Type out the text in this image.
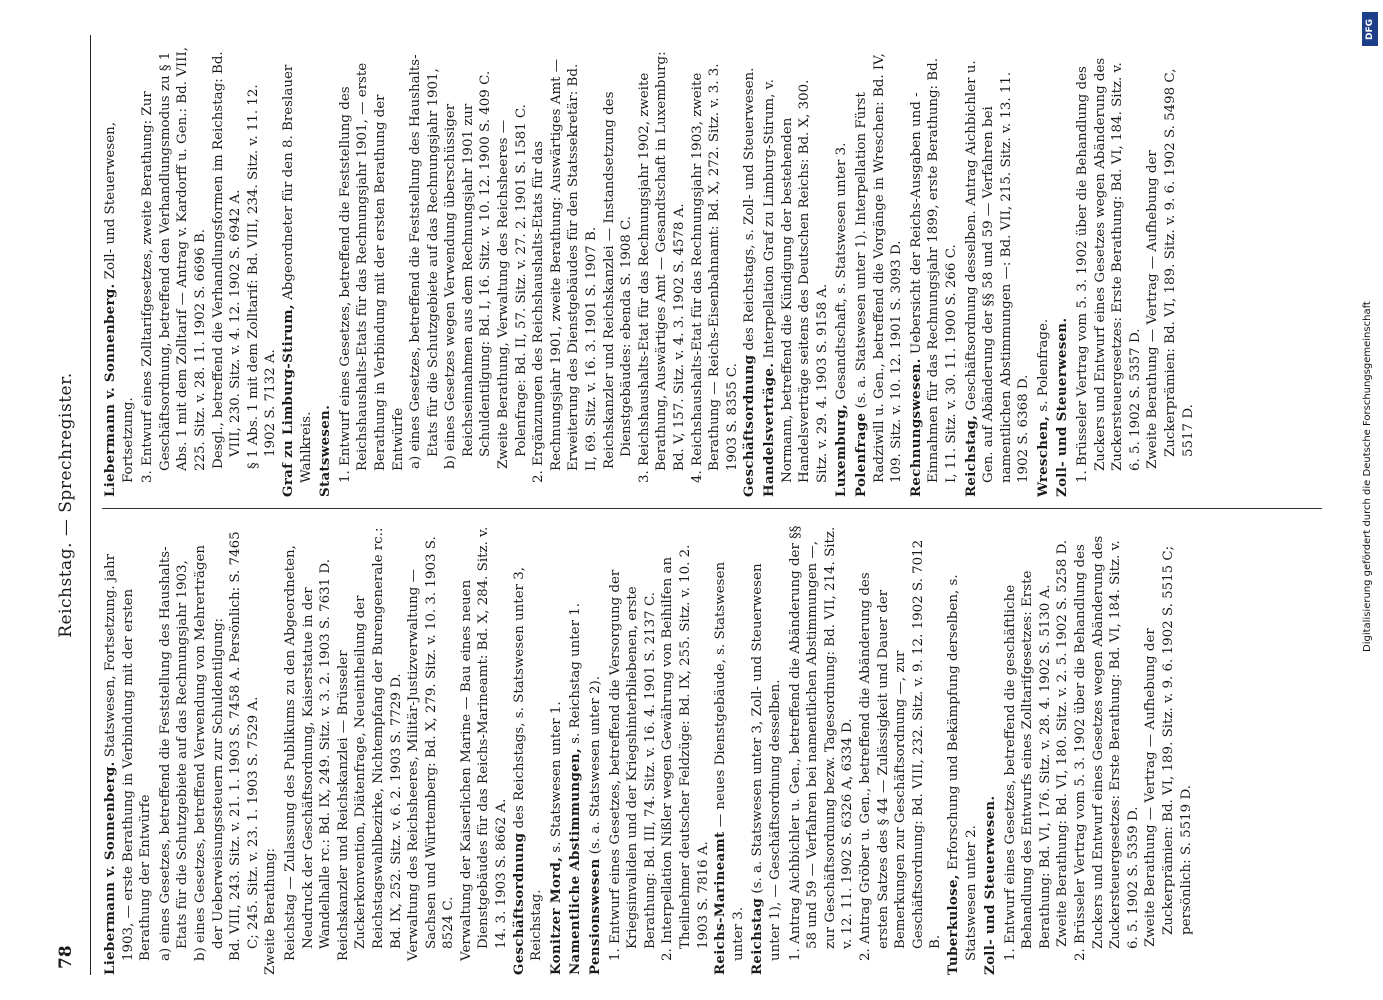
78
Reichstag. — Sprechregister.

Liebermann v. Sonnenberg. Statswesen, Fortsetzung. jahr 1903, — erste Berathung in Verbindung mit der ersten Berathung der Entwürfe a) eines Gesetzes, betreffend die Feststellung des Haushalts-Etats für die Schutzgebiete auf das Rechnungsjahr 1903, b) eines Gesetzes, betreffend Verwendung von Mehrerträgen der Ueberweisungssteuern zur Schuldentilgung: Bd. VIII, 243. Sitz. v. 21. 1. 1903 S. 7458 A. Persönlich: S. 7465 C; 245. Sitz. v. 23. 1. 1903 S. 7529 A. Zweite Berathung: Reichstag — Zulassung des Publikums zu den Abgeordneten, Neudruck der Geschäftsordnung, Kaiserstatue in der Wandelhalle rc.: Bd. IX, 249. Sitz. v. 3. 2. 1903 S. 7631 D. Reichskanzler und Reichskanzlei — Brüsseler Zuckerkonvention, Diätenfrage, Neueintheilung der Reichstagswahlbezirke, Nichtempfang der Burengenerale rc.: Bd. IX, 252. Sitz. v. 6. 2. 1903 S. 7729 D. Verwaltung des Reichsheeres, Militär-Justizverwaltung — Sachsen und Württemberg: Bd. X, 279. Sitz. v. 10. 3. 1903 S. 8524 C. Verwaltung der Kaiserlichen Marine — Bau eines neuen Dienstgebäudes für das Reichs-Marineamt: Bd. X, 284. Sitz. v. 14. 3. 1903 S. 8662 A. Geschäftsordnung des Reichstags, s. Statswesen unter 3, Reichstag. Konitzer Mord, s. Statswesen unter 1. Namentliche Abstimmungen, s. Reichstag unter 1.

Pensionswesen (s. a. Statswesen unter 2). 1. Entwurf eines Gesetzes, betreffend die Versorgung der Kriegsinvaliden und der Kriegshinterbliebenen, erste Berathung: Bd. III, 74. Sitz. v. 16. 4. 1901 S. 2137 C. 2. Interpellation Nißler wegen Gewährung von Beihilfen an Theilnehmer deutscher Feldzüge: Bd. IX, 255. Sitz. v. 10. 2. 1903 S. 7816 A. Reichs-Marineamt — neues Dienstgebäude, s. Statswesen unter 3. Reichstag (s. a. Statswesen unter 3, Zoll- und Steuerwesen unter 1), — Geschäftsordnung desselben. 1. Antrag Aichbichler u. Gen., betreffend die Abänderung der §§ 58 und 59 — Verfahren bei namentlichen Abstimmungen —, zur Geschäftsordnung bezw. Tagesordnung: Bd. VII, 214. Sitz. v. 12. 11. 1902 S. 6326 A, 6334 D. 2. Antrag Gröber u. Gen., betreffend die Abänderung des ersten Satzes des § 44 — Zulässigkeit und Dauer der Bemerkungen zur Geschäftsordnung —, zur Geschäftsordnung: Bd. VIII, 232. Sitz. v. 9. 12. 1902 S. 7012 B. Tuberkulose, Erforschung und Bekämpfung derselben, s. Statswesen unter 2. Zoll- und Steuerwesen. 1. Entwurf eines Gesetzes, betreffend die geschäftliche Behandlung des Entwurfs eines Zolltarifgesetzes: Erste Berathung: Bd. VI, 176. Sitz. v. 28. 4. 1902 S. 5130 A. Zweite Berathung: Bd. VI, 180. Sitz. v. 2. 5. 1902 S. 5258 D. 2. Brüsseler Vertrag vom 5. 3. 1902 über die Behandlung des Zuckers und Entwurf eines Gesetzes wegen Abänderung des Zuckersteuergesetzes: Erste Berathung: Bd. VI, 184. Sitz. v. 6. 5. 1902 S. 5359 D. Zweite Berathung — Vertrag — Aufhebung der Zuckerprämien: Bd. VI, 189. Sitz. v. 9. 6. 1902 S. 5515 C; persönlich: S. 5519 D.

Liebermann v. Sonnenberg. Zoll- und Steuerwesen, Fortsetzung. 3. Entwurf eines Zolltarifgesetzes, zweite Berathung: Zur Geschäftsordnung, betreffend den Verhandlungsmodus zu § 1 Abs. 1 mit dem Zolltarif — Antrag v. Kardorff u. Gen.: Bd. VIII, 225. Sitz. v. 28. 11. 1902 S. 6696 B. Desgl., betreffend die Verhandlungsformen im Reichstag: Bd. VIII, 230. Sitz. v. 4. 12. 1902 S. 6942 A. § 1 Abs. 1 mit dem Zolltarif: Bd. VIII, 234. Sitz. v. 11. 12. 1902 S. 7132 A. Graf zu Limburg-Stirum, Abgeordneter für den 8. Breslauer Wahlkreis. Statswesen. 1. Entwurf eines Gesetzes, betreffend die Feststellung des Reichshaushalts-Etats für das Rechnungsjahr 1901, — erste Berathung in Verbindung mit der ersten Berathung der Entwürfe a) eines Gesetzes, betreffend die Feststellung des Haushalts-Etats für die Schutzgebiete auf das Rechnungsjahr 1901, b) eines Gesetzes wegen Verwendung überschüssiger Reichseinnahmen aus dem Rechnungsjahr 1901 zur Schuldentilgung: Bd. I, 16. Sitz. v. 10. 12. 1900 S. 409 C. Zweite Berathung, Verwaltung des Reichsheeres — Polenfrage: Bd. II, 57. Sitz. v. 27. 2. 1901 S. 1581 C. 2. Ergänzungen des Reichshaushalts-Etats für das Rechnungsjahr 1901, zweite Berathung: Auswärtiges Amt — Erweiterung des Dienstgebäudes für den Statssekretär: Bd. II, 69. Sitz. v. 16. 3. 1901 S. 1907 B. Reichskanzler und Reichskanzlei — Instandsetzung des Dienstgebäudes: ebenda S. 1908 C. 3. Reichshaushalts-Etat für das Rechnungsjahr 1902, zweite Berathung, Auswärtiges Amt — Gesandtschaft in Luxemburg: Bd. V, 157. Sitz. v. 4. 3. 1902 S. 4578 A. 4. Reichshaushalts-Etat für das Rechnungsjahr 1903, zweite Berathung — Reichs-Eisenbahnamt: Bd. X, 272. Sitz. v. 3. 3. 1903 S. 8355 C. Geschäftsordnung des Reichstags, s. Zoll- und Steuerwesen.

Handelsverträge. Interpellation Graf zu Limburg-Stirum, v. Normann, betreffend die Kündigung der bestehenden Handelsverträge seitens des Deutschen Reichs: Bd. X, 300. Sitz. v. 29. 4. 1903 S. 9158 A. Luxemburg, Gesandtschaft, s. Statswesen unter 3.

Polenfrage (s. a. Statswesen unter 1). Interpellation Fürst Radziwill u. Gen., betreffend die Vorgänge in Wreschen: Bd. IV, 109. Sitz. v. 10. 12. 1901 S. 3093 D. Rechnungswesen. Uebersicht der Reichs-Ausgaben und -Einnahmen für das Rechnungsjahr 1899, erste Berathung: Bd. I, 11. Sitz. v. 30. 11. 1900 S. 266 C. Reichstag, Geschäftsordnung desselben. Antrag Aichbichler u. Gen. auf Abänderung der §§ 58 und 59 — Verfahren bei namentlichen Abstimmungen —: Bd. VII, 215. Sitz. v. 13. 11. 1902 S. 6368 D. Wreschen, s. Polenfrage. Zoll- und Steuerwesen. 1. Brüsseler Vertrag vom 5. 3. 1902 über die Behandlung des Zuckers und Entwurf eines Gesetzes wegen Abänderung des Zuckersteuergesetzes: Erste Berathung: Bd. VI, 184. Sitz. v. 6. 5. 1902 S. 5357 D. Zweite Berathung — Vertrag — Aufhebung der Zuckerprämien: Bd. VI, 189. Sitz. v. 9. 6. 1902 S. 5498 C, 5517 D.

DFG
Digitalisierung gefördert durch die Deutsche Forschungsgemeinschaft
